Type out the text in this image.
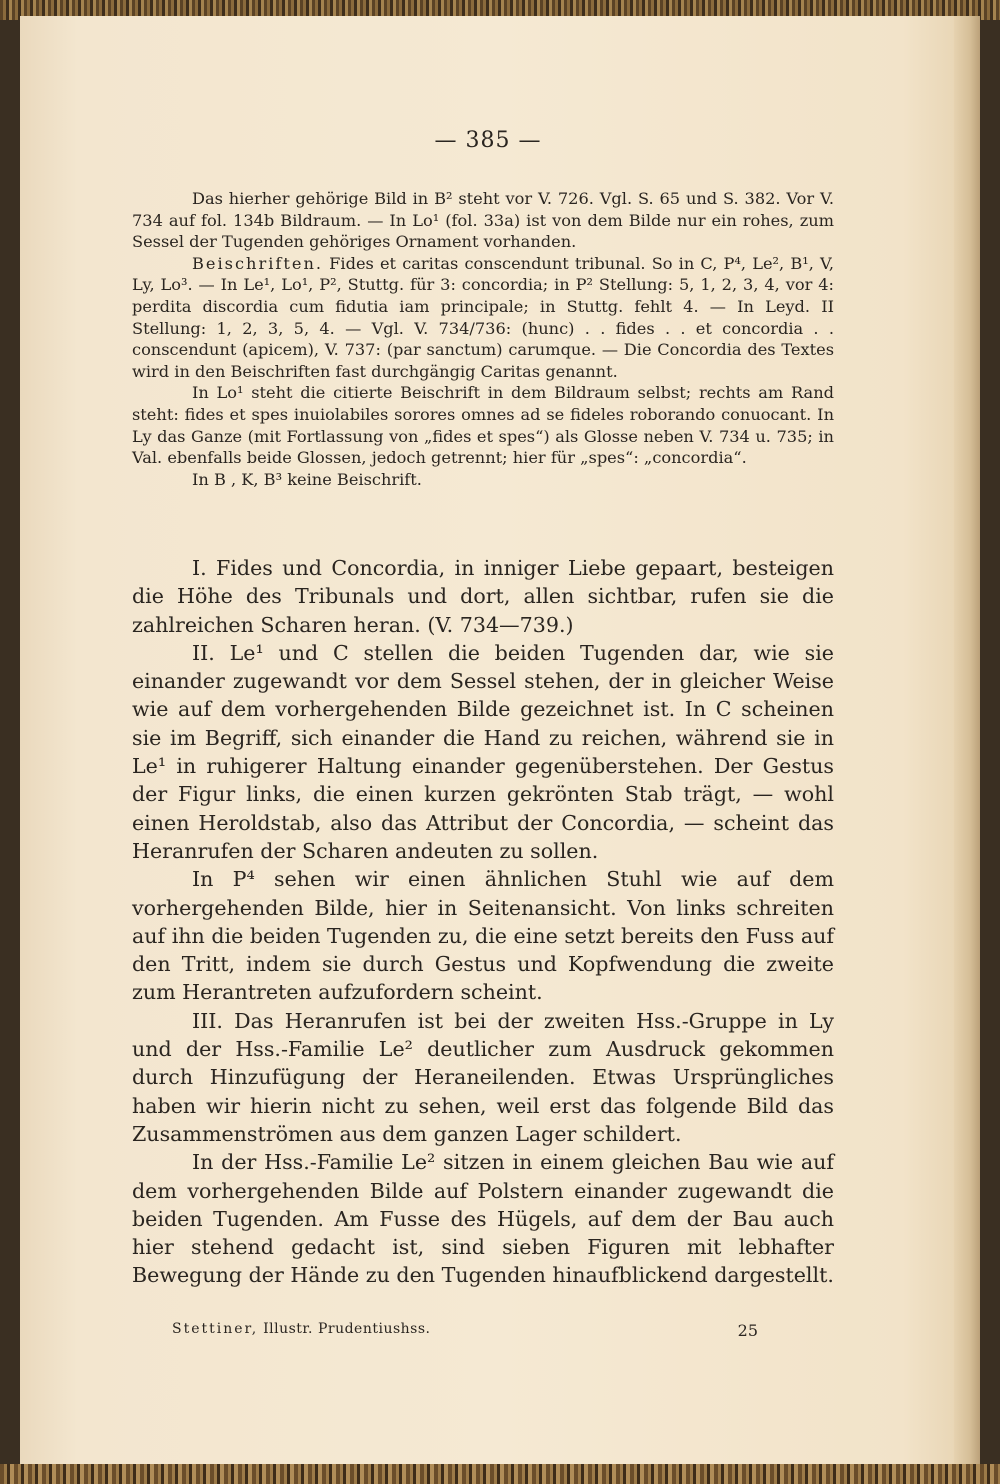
— 385 —

Das hierher gehörige Bild in B² steht vor V. 726. Vgl. S. 65 und S. 382. Vor V. 734 auf fol. 134b Bildraum. — In Lo¹ (fol. 33a) ist von dem Bilde nur ein rohes, zum Sessel der Tugenden gehöriges Ornament vorhanden.

Beischriften. Fides et caritas conscendunt tribunal. So in C, P⁴, Le², B¹, V, Ly, Lo³. — In Le¹, Lo¹, P², Stuttg. für 3: concordia; in P² Stellung: 5, 1, 2, 3, 4, vor 4: perdita discordia cum fidutia iam principale; in Stuttg. fehlt 4. — In Leyd. II Stellung: 1, 2, 3, 5, 4. — Vgl. V. 734/736: (hunc) . . fides . . et concordia . . conscendunt (apicem), V. 737: (par sanctum) carumque. — Die Concordia des Textes wird in den Beischriften fast durchgängig Caritas genannt.

In Lo¹ steht die citierte Beischrift in dem Bildraum selbst; rechts am Rand steht: fides et spes inuiolabiles sorores omnes ad se fideles roborando conuocant. In Ly das Ganze (mit Fortlassung von „fides et spes“) als Glosse neben V. 734 u. 735; in Val. ebenfalls beide Glossen, jedoch getrennt; hier für „spes“: „concordia“.

In B , K, B³ keine Beischrift.

I. Fides und Concordia, in inniger Liebe gepaart, besteigen die Höhe des Tribunals und dort, allen sichtbar, rufen sie die zahlreichen Scharen heran. (V. 734—739.)

II. Le¹ und C stellen die beiden Tugenden dar, wie sie einander zugewandt vor dem Sessel stehen, der in gleicher Weise wie auf dem vorhergehenden Bilde gezeichnet ist. In C scheinen sie im Begriff, sich einander die Hand zu reichen, während sie in Le¹ in ruhigerer Haltung einander gegenüberstehen. Der Gestus der Figur links, die einen kurzen gekrönten Stab trägt, — wohl einen Heroldstab, also das Attribut der Concordia, — scheint das Heranrufen der Scharen andeuten zu sollen.

In P⁴ sehen wir einen ähnlichen Stuhl wie auf dem vorhergehenden Bilde, hier in Seitenansicht. Von links schreiten auf ihn die beiden Tugenden zu, die eine setzt bereits den Fuss auf den Tritt, indem sie durch Gestus und Kopfwendung die zweite zum Herantreten aufzufordern scheint.

III. Das Heranrufen ist bei der zweiten Hss.-Gruppe in Ly und der Hss.-Familie Le² deutlicher zum Ausdruck gekommen durch Hinzufügung der Heraneilenden. Etwas Ursprüngliches haben wir hierin nicht zu sehen, weil erst das folgende Bild das Zusammenströmen aus dem ganzen Lager schildert.

In der Hss.-Familie Le² sitzen in einem gleichen Bau wie auf dem vorhergehenden Bilde auf Polstern einander zugewandt die beiden Tugenden. Am Fusse des Hügels, auf dem der Bau auch hier stehend gedacht ist, sind sieben Figuren mit lebhafter Bewegung der Hände zu den Tugenden hinaufblickend dargestellt.

Stettiner, Illustr. Prudentiushss.	25
